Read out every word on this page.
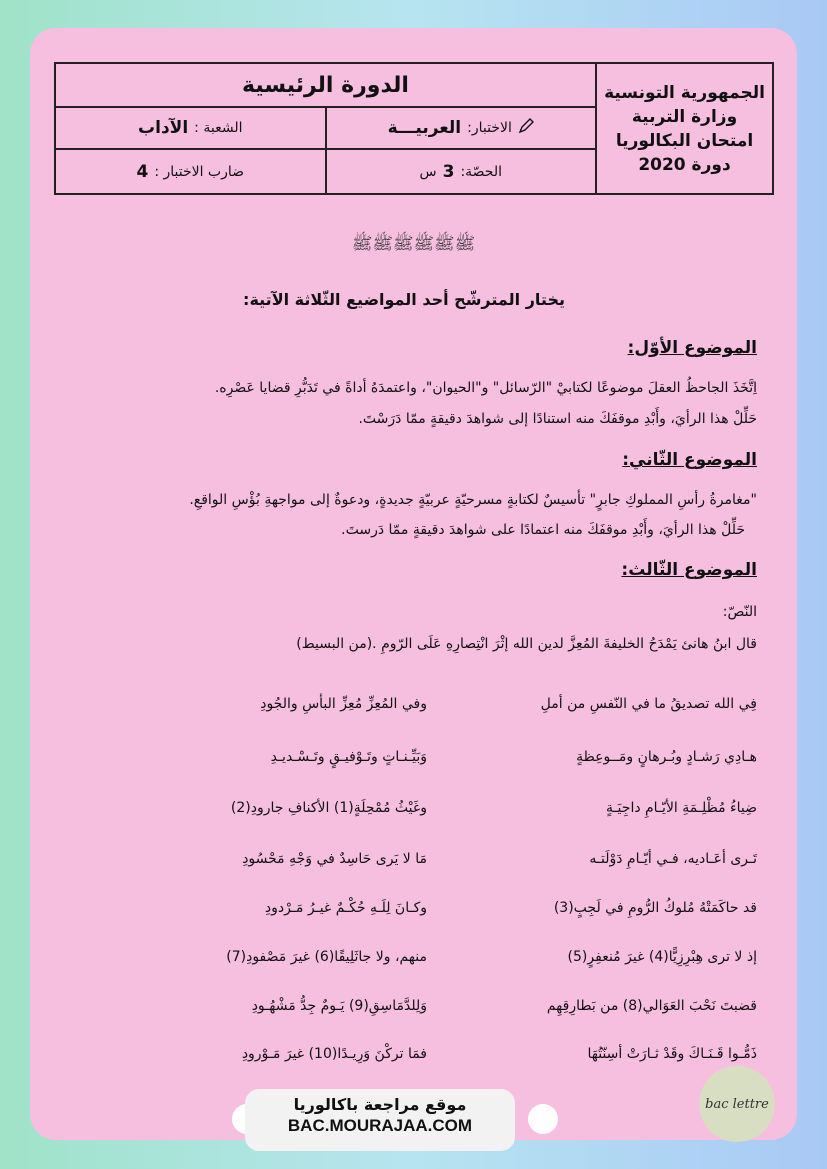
الجمهورية التونسية
وزارة التربية
امتحان البكالوريا
دورة 2020
الدورة الرئيسية
الاختبار:
العربيـــة
الشعبة :
الآداب
الحصّة:
3
س
ضارب الاختبار :
4
ﷺﷺﷺﷺﷺﷺ
يختار المترشّح أحد المواضيع الثّلاثة الآتية:
الموضوع الأوّل:
اِتَّخَذَ الجاحظُ العقلَ موضوعًا لكتابيْ "الرّسائل" و"الحيوان"، واعتمدَهُ أداةً في تَدَبُّرِ قضايا عَصْرِه.
حَلِّلْ هذا الرأيَ، وأَبْدِ موقفَكَ منه استنادًا إلى شواهدَ دقيقةٍ ممّا دَرَسْتَ.
الموضوع الثّاني:
"مغامرةُ رأسِ المملوكِ جابرٍ" تأسيسٌ لكتابةٍ مسرحيّةٍ عربيّةٍ جديدةٍ، ودعوةٌ إلى مواجهةِ بُؤْسِ الواقعِ.
حَلِّلْ هذا الرأيَ، وأَبْدِ موقفَكَ منه اعتمادًا على شواهدَ دقيقةٍ ممّا دَرستَ.
الموضوع الثّالث:
النّصّ:
قال ابنُ هانئ يَمْدَحُ الخليفةَ المُعِزَّ لدين الله إثْرَ انْتِصارِهِ عَلَى الرّومِ .(من البسيط)
فِي الله تصديقُ ما في النّفسِ من أملِ
وفي المُعِزِّ مُعِزِّ البأسِ والجُودِ
هـادِي رَشـادٍ وبُـرهانٍ ومَــوعِظةٍ
وَبَيِّـنـاتٍ وتَـوْفيـقٍ وتَـسْـديـدِ
ضِياءُ مُظْلِـمَةِ الأيّـامِ داجِيَـةٍ
وغَيْثُ مُمْحِلَةٍ(1) الأكنافِ جارودِ(2)
تَـرى أعَـاديه، فـي أيّـامِ دَوْلَتـه
مَا لا يَرى حَاسِدٌ في وَجْهِ مَحْسُودِ
قد حاكَمَتْهُ مُلوكُ الرُّومِ في لَجِبٍ(3)
وكـانَ لِلَـهِ حُكْـمٌ غيـرُ مَـرْدودِ
إذ لا ترى هِبْرِزِيًّا(4) غيرَ مُنعفِرٍ(5)
منهم، ولا جاثَلِيقًا(6) غيرَ مَصْفودِ(7)
قضبتَ نَحْبَ العَوَالي(8) من بَطارِقِهِم
وَلِلدَّمَاسِقِ(9) يَـومٌ جِدُّ مَشْهُـودِ
ذَمُّـوا قَـنَـاكَ وقَدْ ثـارَتْ أسِنّتُهَا
فمَا تركْنَ وَرِيـدًا(10) غيرَ مَـوْرودِ
موقع مراجعة باكالوريا
BAC.MOURAJAA.COM
bac lettre
